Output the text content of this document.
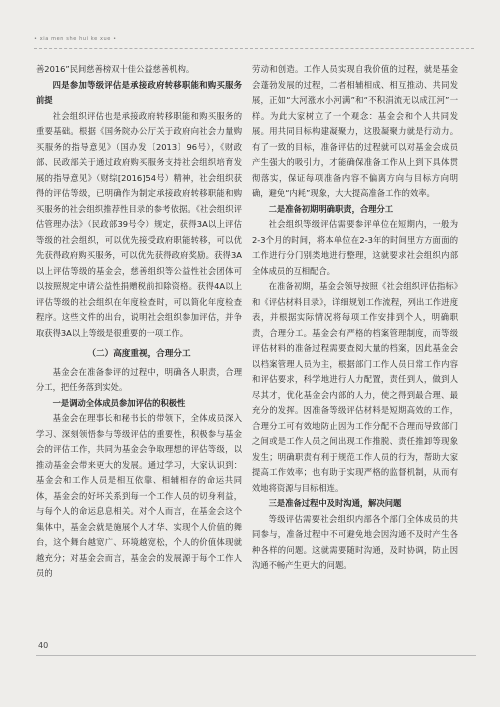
• xia men she hui ke xue •

善2016”民间慈善榜双十佳公益慈善机构。

四是参加等级评估是承接政府转移职能和购买服务前提

社会组织评估也是承接政府转移职能和购买服务的重要基础。根据《国务院办公厅关于政府向社会力量购买服务的指导意见》（国办发〔2013〕96号），《财政部、民政部关于通过政府购买服务支持社会组织培育发展的指导意见》（财综[2016]54号）精神，社会组织获得的评估等级，已明确作为制定承接政府转移职能和购买服务的社会组织推荐性目录的参考依据。《社会组织评估管理办法》（民政部39号令）规定，获得3A以上评估等级的社会组织，可以优先接受政府职能转移，可以优先获得政府购买服务，可以优先获得政府奖励。获得3A以上评估等级的基金会，慈善组织等公益性社会团体可以按照规定申请公益性捐赠税前扣除资格。获得4A以上评估等级的社会组织在年度检查时，可以简化年度检查程序。这些文件的出台，说明社会组织参加评估，并争取获得3A以上等级是很重要的一项工作。

（二）高度重视，合理分工

基金会在准备参评的过程中，明确各人职责，合理分工，把任务落到实处。

一是调动全体成员参加评估的积极性

基金会在理事长和秘书长的带领下，全体成员深入学习、深刻领悟参与等级评估的重要性，积极参与基金会的评估工作，共同为基金会争取理想的评估等级，以推动基金会带来更大的发展。通过学习，大家认识到：基金会和工作人员是相互依靠、相辅相存的命运共同体，基金会的好坏关系到每一个工作人员的切身利益，与每个人的命运息息相关。对个人而言，在基金会这个集体中，基金会就是施展个人才华、实现个人价值的舞台，这个舞台越宽广、环境越宽松，个人的价值体现就越充分；对基金会而言，基金会的发展源于每个工作人员的

劳动和创造。工作人员实现自我价值的过程，就是基金会蓬勃发展的过程，二者相辅相成、相互推动、共同发展，正如“大河涨水小河满”和“不积涓流无以成江河”一样。为此大家树立了一个观念：基金会和个人共同发展。用共同目标构建凝聚力，这股凝聚力就是行动力。有了一致的目标，准备评估的过程就可以对基金会成员产生强大的吸引力，才能确保准备工作从上到下具体贯彻落实，保证每项准备内容不偏离方向与目标方向明确，避免“内耗”现象，大大提高准备工作的效率。

二是准备初期明确职责，合理分工

社会组织等级评估需要参评单位在短期内，一般为2-3个月的时间，将本单位在2-3年的时间里方方面面的工作进行分门别类地进行整理，这就要求社会组织内部全体成员的互相配合。

在准备初期，基金会领导按照《社会组织评估指标》和《评估材料目录》，详细规划工作流程，列出工作进度表，并根据实际情况将每项工作安排到个人，明确职责，合理分工。基金会有严格的档案管理制度，而等级评估材料的准备过程需要查阅大量的档案，因此基金会以档案管理人员为主，根据部门工作人员日常工作内容和评估要求，科学地进行人力配置，责任到人，做到人尽其才，优化基金会内部的人力，使之得到最合理、最充分的发挥。因准备等级评估材料是短期高效的工作，合理分工可有效地防止因为工作分配不合理而导致部门之间或是工作人员之间出现工作推脱、责任推卸等现象发生；明确职责有利于规范工作人员的行为，帮助大家提高工作效率；也有助于实现严格的监督机制，从而有效地将资源与目标相连。

三是准备过程中及时沟通，解决问题

等级评估需要社会组织内部各个部门全体成员的共同参与，准备过程中不可避免地会因沟通不及时产生各种各样的问题。这就需要随时沟通，及时协调，防止因沟通不畅产生更大的问题。

40
